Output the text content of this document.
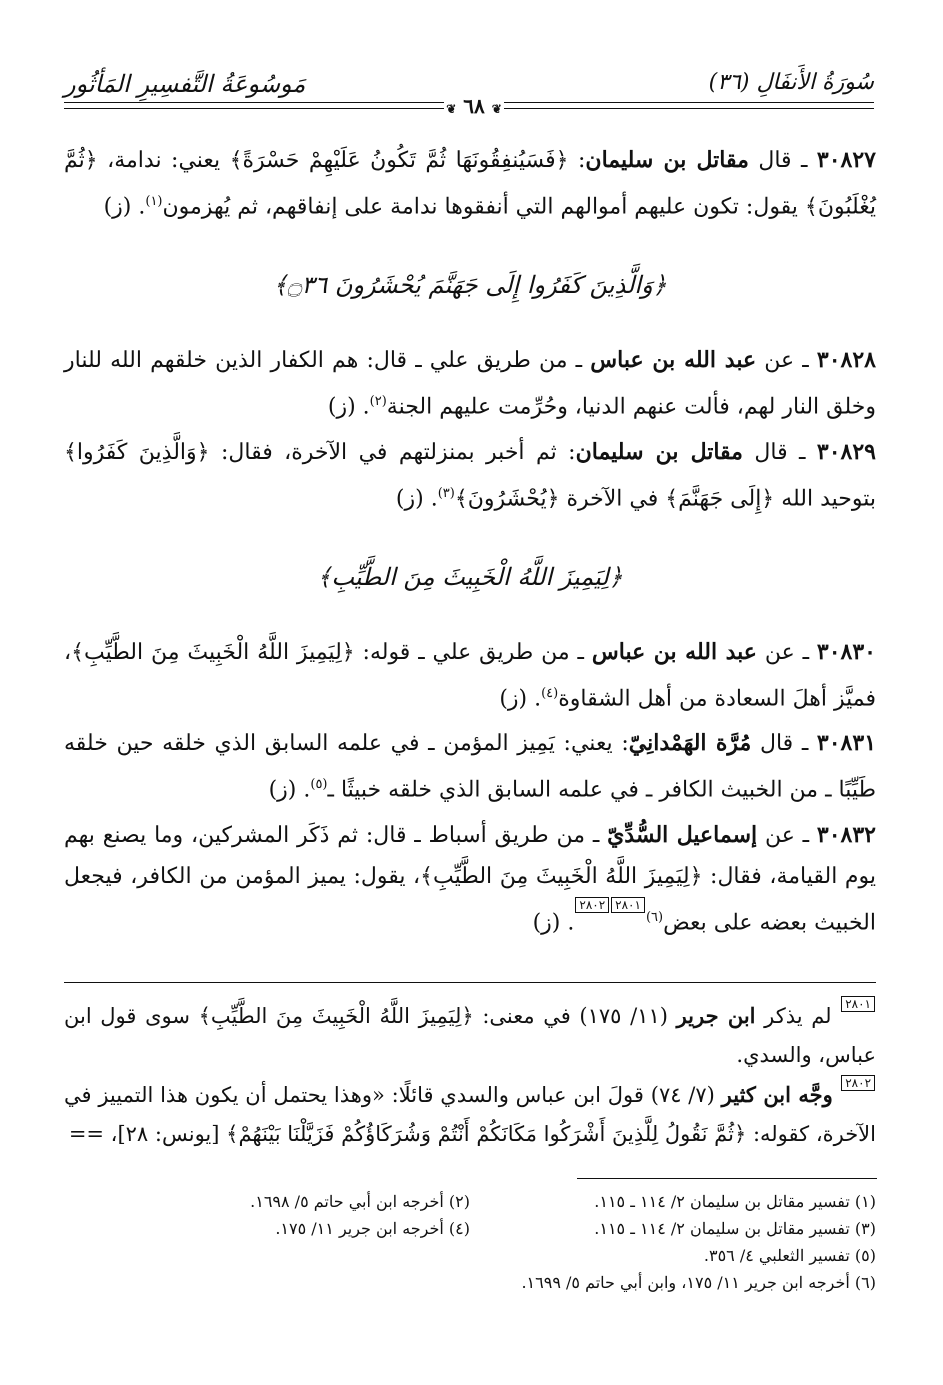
سُورَةُ الأَنفَالِ (٣٦)
مَوسُوعَةُ التَّفسِيرِ المَأثُور
❦ ٦٨ ❦

٣٠٨٢٧ ـ قال مقاتل بن سليمان: ﴿فَسَيُنفِقُونَهَا ثُمَّ تَكُونُ عَلَيْهِمْ حَسْرَةً﴾ يعني: ندامة، ﴿ثُمَّ يُغْلَبُونَ﴾ يقول: تكون عليهم أموالهم التي أنفقوها ندامة على إنفاقهم، ثم يُهزمون$^{(١)}$. (ز)

﴿وَالَّذِينَ كَفَرُوا إِلَى جَهَنَّمَ يُحْشَرُونَ ۝٣٦﴾

٣٠٨٢٨ ـ عن عبد الله بن عباس ـ من طريق علي ـ قال: هم الكفار الذين خلقهم الله للنار وخلق النار لهم، فألت عنهم الدنيا، وحُرِّمت عليهم الجنة$^{(٢)}$. (ز)

٣٠٨٢٩ ـ قال مقاتل بن سليمان: ثم أخبر بمنزلتهم في الآخرة، فقال: ﴿وَالَّذِينَ كَفَرُوا﴾ بتوحيد الله ﴿إِلَى جَهَنَّمَ﴾ في الآخرة ﴿يُحْشَرُونَ﴾$^{(٣)}$. (ز)

﴿لِيَمِيزَ اللَّهُ الْخَبِيثَ مِنَ الطَّيِّبِ﴾

٣٠٨٣٠ ـ عن عبد الله بن عباس ـ من طريق علي ـ قوله: ﴿لِيَمِيزَ اللَّهُ الْخَبِيثَ مِنَ الطَّيِّبِ﴾، فميَّز أهلَ السعادة من أهل الشقاوة$^{(٤)}$. (ز)

٣٠٨٣١ ـ قال مُرَّة الهَمْدانِيّ: يعني: يَمِيز المؤمن ـ في علمه السابق الذي خلقه حين خلقه طَيِّبًا ـ من الخبيث الكافر ـ في علمه السابق الذي خلقه خبيثًا ـ$^{(٥)}$. (ز)

٣٠٨٣٢ ـ عن إسماعيل السُّدِّيّ ـ من طريق أسباط ـ قال: ثم ذَكَر المشركين، وما يصنع بهم يوم القيامة، فقال: ﴿لِيَمِيزَ اللَّهُ الْخَبِيثَ مِنَ الطَّيِّبِ﴾، يقول: يميز المؤمن من الكافر، فيجعل الخبيث بعضه على بعض$^{(٦)}$٢٨٠١٢٨٠٢. (ز)

٢٨٠١ لم يذكر ابن جرير (١١/ ١٧٥) في معنى: ﴿لِيَمِيزَ اللَّهُ الْخَبِيثَ مِنَ الطَّيِّبِ﴾ سوى قول ابن عباس، والسدي.
٢٨٠٢ وجَّه ابن كثير (٧/ ٧٤) قولَ ابن عباس والسدي قائلًا: «وهذا يحتمل أن يكون هذا التمييز في الآخرة، كقوله: ﴿ثُمَّ نَقُولُ لِلَّذِينَ أَشْرَكُوا مَكَانَكُمْ أَنْتُمْ وَشُرَكَاؤُكُمْ فَزَيَّلْنَا بَيْنَهُمْ﴾ [يونس: ٢٨]، ==
(١) تفسير مقاتل بن سليمان ٢/ ١١٤ ـ ١١٥.
(٢) أخرجه ابن أبي حاتم ٥/ ١٦٩٨.
(٣) تفسير مقاتل بن سليمان ٢/ ١١٤ ـ ١١٥.
(٤) أخرجه ابن جرير ١١/ ١٧٥.
(٥) تفسير الثعلبي ٤/ ٣٥٦.
(٦) أخرجه ابن جرير ١١/ ١٧٥، وابن أبي حاتم ٥/ ١٦٩٩.
